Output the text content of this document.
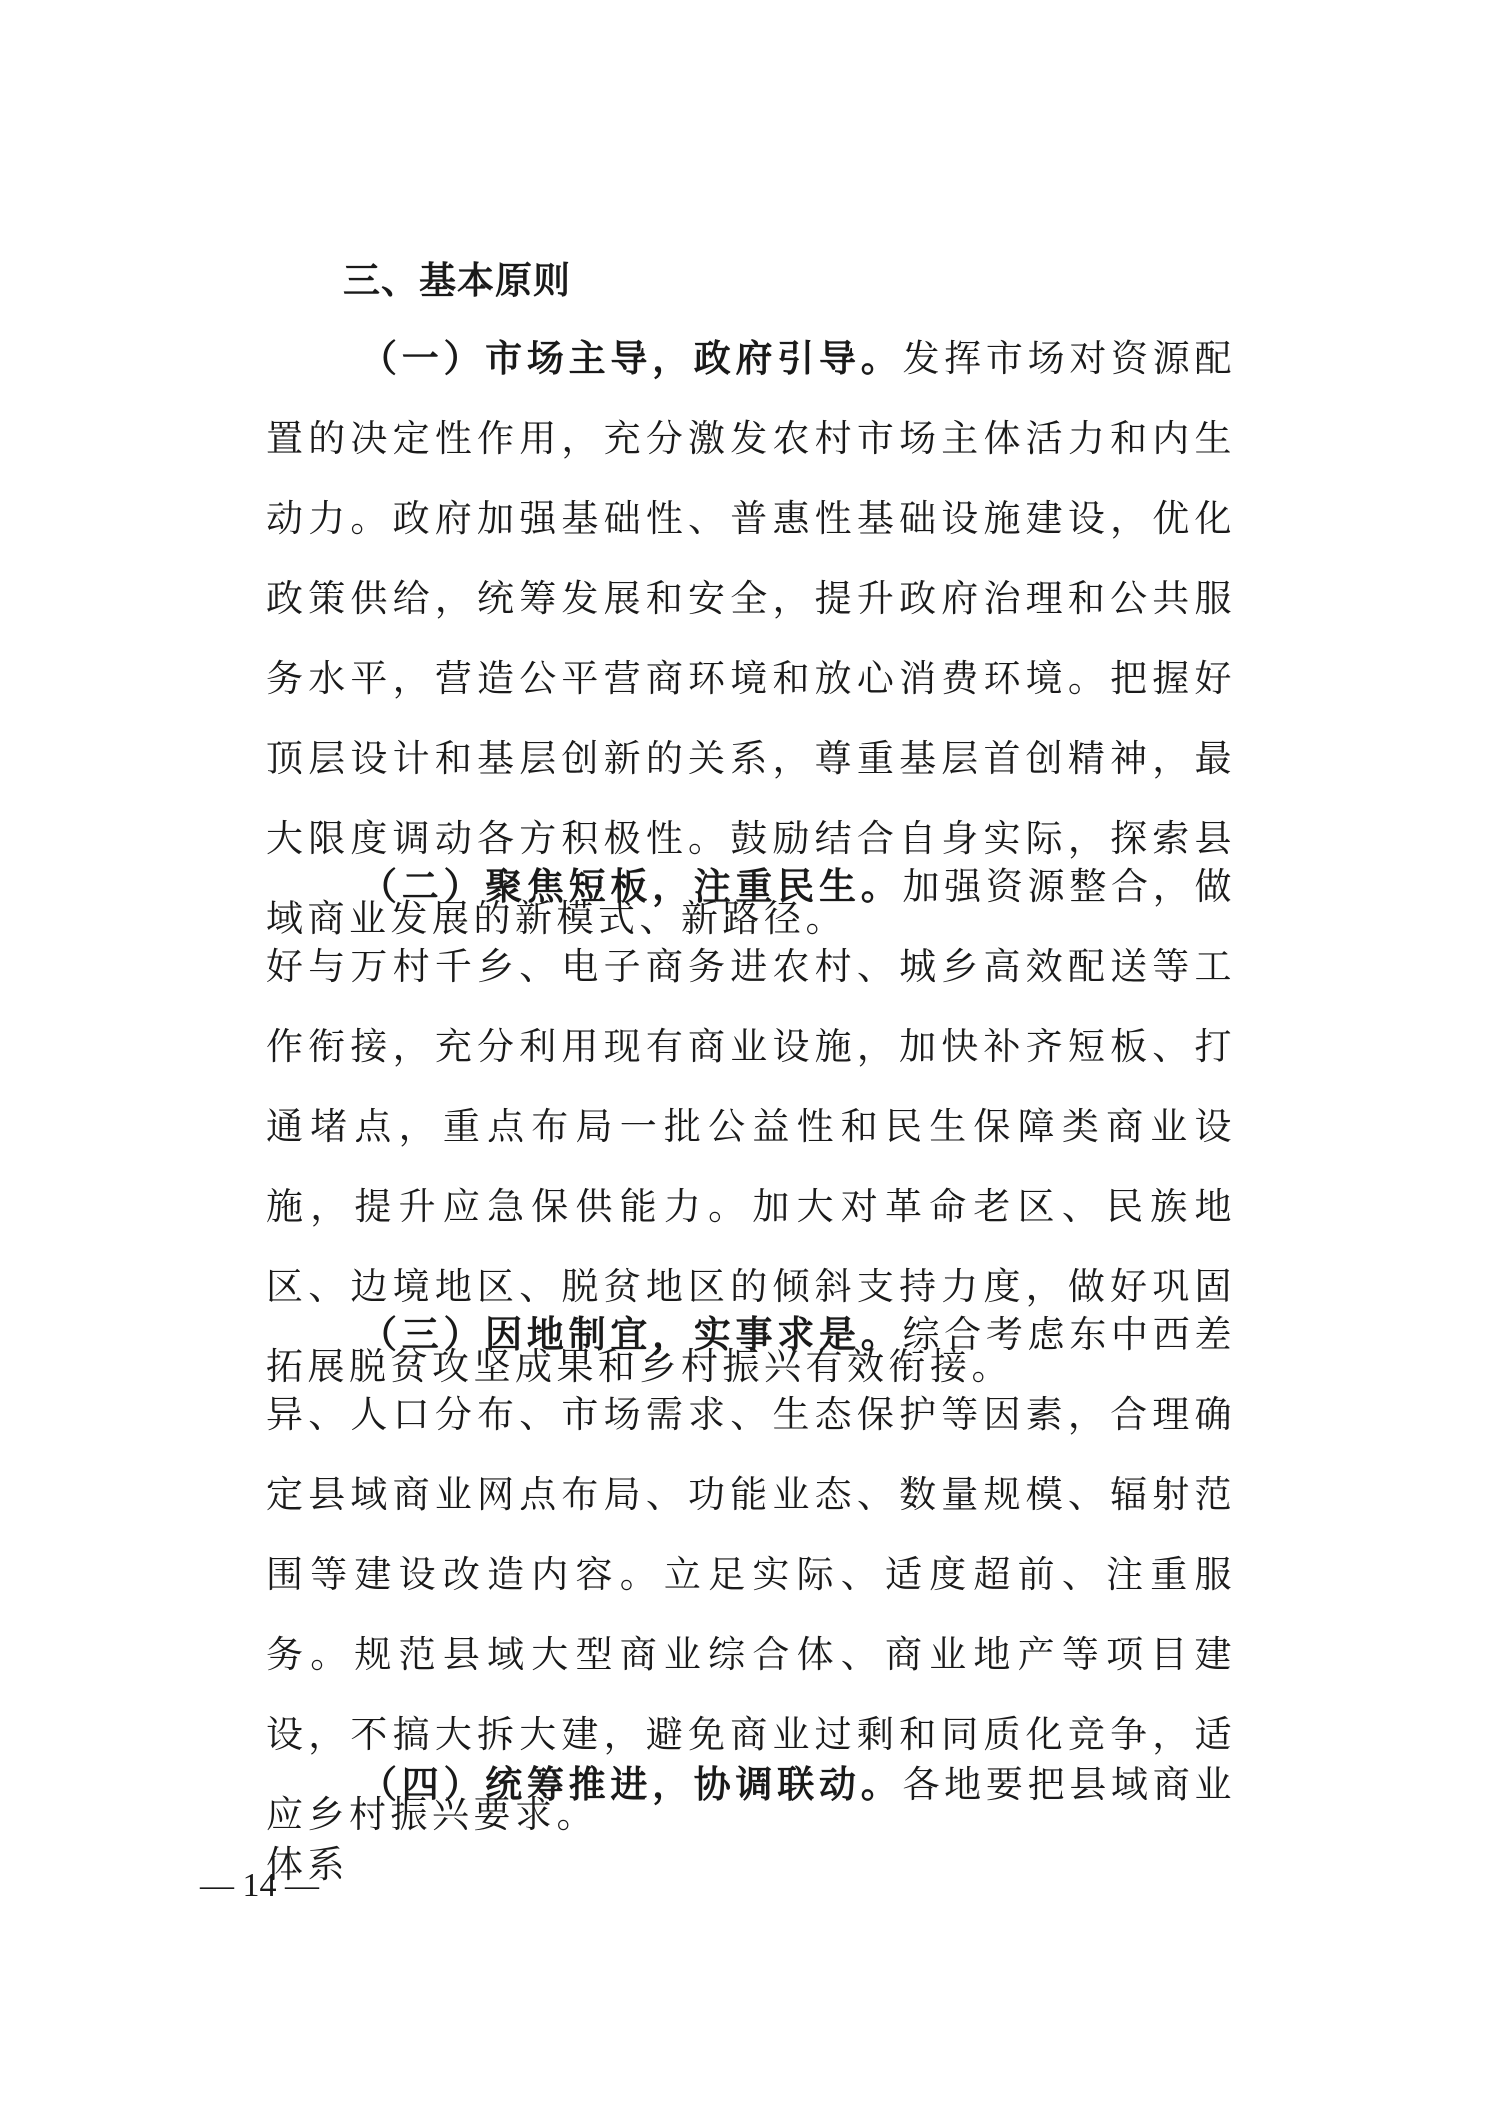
三、基本原则

（一）市场主导，政府引导。发挥市场对资源配置的决定性作用，充分激发农村市场主体活力和内生动力。政府加强基础性、普惠性基础设施建设，优化政策供给，统筹发展和安全，提升政府治理和公共服务水平，营造公平营商环境和放心消费环境。把握好顶层设计和基层创新的关系，尊重基层首创精神，最大限度调动各方积极性。鼓励结合自身实际，探索县域商业发展的新模式、新路径。

（二）聚焦短板，注重民生。加强资源整合，做好与万村千乡、电子商务进农村、城乡高效配送等工作衔接，充分利用现有商业设施，加快补齐短板、打通堵点，重点布局一批公益性和民生保障类商业设施，提升应急保供能力。加大对革命老区、民族地区、边境地区、脱贫地区的倾斜支持力度，做好巩固拓展脱贫攻坚成果和乡村振兴有效衔接。

（三）因地制宜，实事求是。综合考虑东中西差异、人口分布、市场需求、生态保护等因素，合理确定县域商业网点布局、功能业态、数量规模、辐射范围等建设改造内容。立足实际、适度超前、注重服务。规范县域大型商业综合体、商业地产等项目建设，不搞大拆大建，避免商业过剩和同质化竞争，适应乡村振兴要求。

（四）统筹推进，协调联动。各地要把县域商业体系

— 14 —
